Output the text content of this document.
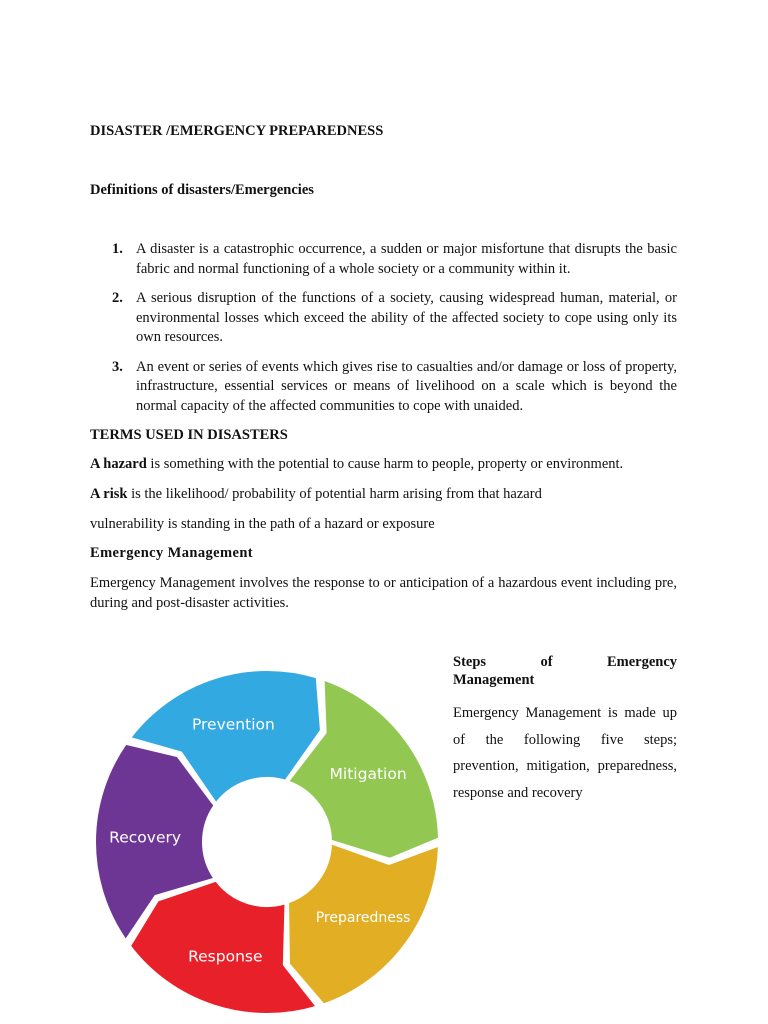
DISASTER /EMERGENCY PREPAREDNESS
Definitions of disasters/Emergencies
1. A disaster is a catastrophic occurrence, a sudden or major misfortune that disrupts the basic fabric and normal functioning of a whole society or a community within it.
2. A serious disruption of the functions of a society, causing widespread human, material, or environmental losses which exceed the ability of the affected society to cope using only its own resources.
3. An event or series of events which gives rise to casualties and/or damage or loss of property, infrastructure, essential services or means of livelihood on a scale which is beyond the normal capacity of the affected communities to cope with unaided.
TERMS USED IN DISASTERS
A hazard is something with the potential to cause harm to people, property or environment.
A risk is the likelihood/ probability of potential harm arising from that hazard
vulnerability is standing in the path of a hazard or exposure
Emergency Management
Emergency Management involves the response to or anticipation of a hazardous event including pre, during and post-disaster activities.
Steps of Emergency
Management
Emergency Management is made up of the following five steps; prevention, mitigation, preparedness, response and recovery
Prevention
Mitigation
Preparedness
Response
Recovery
